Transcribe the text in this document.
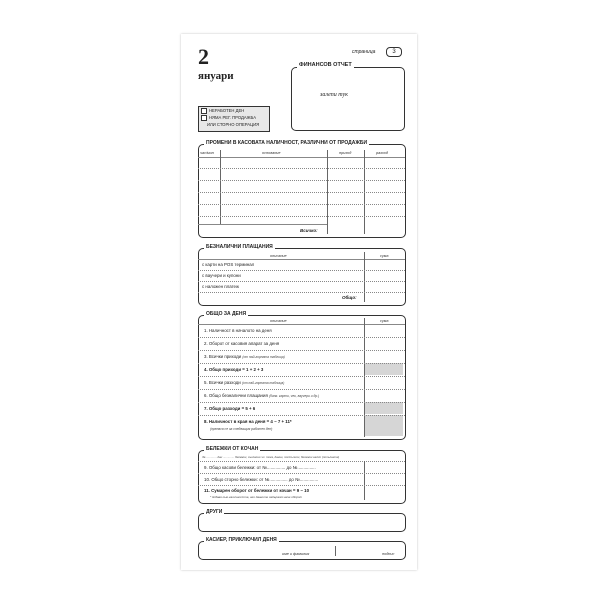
2
януари
страница	3
ФИНАНСОВ ОТЧЕТ
залепи тук
НЕРАБОТЕН ДЕН
НЯМА РЕГ. ПРОДАЖБА
ИЛИ СТОРНО ОПЕРАЦИЯ
ПРОМЕНИ В КАСОВАТА НАЛИЧНОСТ, РАЗЛИЧНИ ОТ ПРОДАЖБИ
час/мин	основание	приход	разход
Всичко:
БЕЗНАЛИЧНИ ПЛАЩАНИЯ
описание	сума
с карти на POS терминал
с ваучери и купони
с наложен платеж
Общо:
ОБЩО ЗА ДЕНЯ
описание	сума
1. Наличност в началото на деня
2. Оборот от касовия апарат за деня
3. Всички приходи (от най-горната таблица)
4. Общо приходи = 1 + 2 + 3
5. Всички разходи (от най-горната таблица)
6. Общо безналични плащания (банк. карти, чек, ваучери и др.)
7. Общо разходи = 5 + 6
8. Наличност в края на деня = 4 − 7 + 11*
(пренася се за следващия работен ден)
БЕЛЕЖКИ ОТ КОЧАН
За ............. дни .............. бележки, съгласно чл. тока, данни, постъпили, бележки на/от (попълнете)
9. Общо касови бележки: от №............... до №...............
10. Общо сторно бележки: от №............... до №...............
11. Сумарен оборот от бележки от кочан = 9 − 10
* добавя към наличността, ако данните задържат вече оборот
ДРУГИ
КАСИЕР, ПРИКЛЮЧИЛ ДЕНЯ
име и фамилия	подпис
